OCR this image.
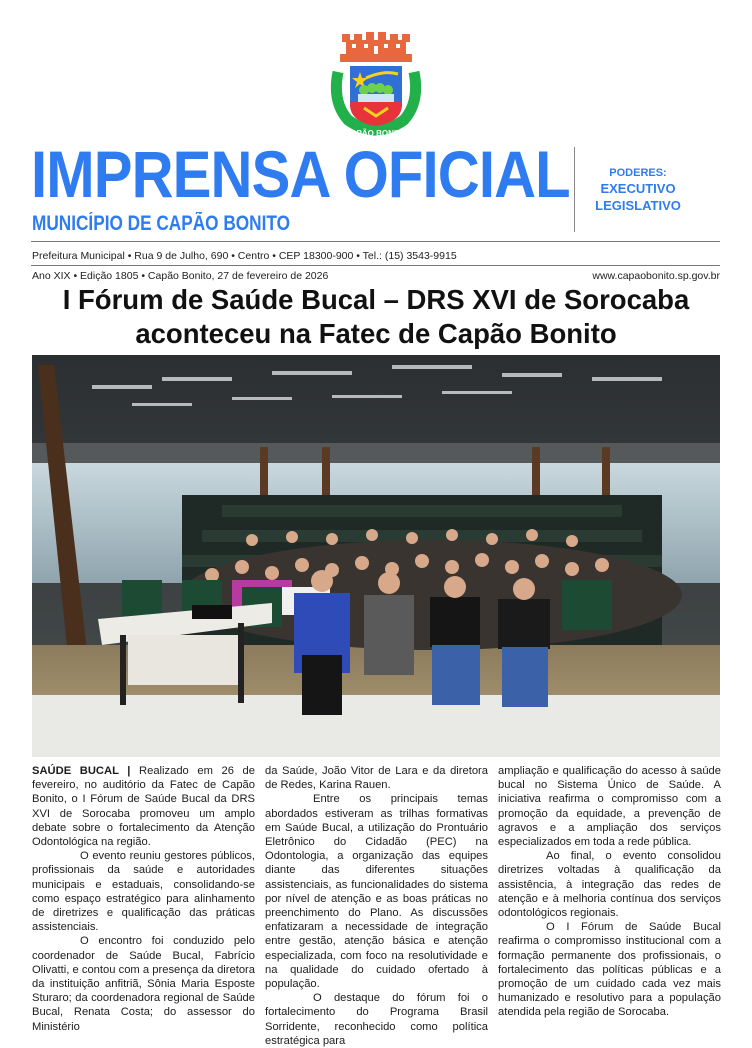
CAPÃO BONITO
IMPRENSA OFICIAL
MUNICÍPIO DE CAPÃO BONITO
PODERES:
EXECUTIVO
LEGISLATIVO
Prefeitura Municipal • Rua 9 de Julho, 690 • Centro • CEP 18300-900 • Tel.: (15) 3543-9915
Ano XIX • Edição 1805 • Capão Bonito, 27 de fevereiro de 2026	www.capaobonito.sp.gov.br
I Fórum de Saúde Bucal – DRS XVI de Sorocaba
aconteceu na Fatec de Capão Bonito

SAÚDE BUCAL | Realizado em 26 de fevereiro, no auditório da Fatec de Capão Bonito, o I Fórum de Saúde Bucal da DRS XVI de Sorocaba promoveu um amplo debate sobre o fortalecimento da Atenção Odontológica na região.

O evento reuniu gestores públicos, profissionais da saúde e autoridades municipais e estaduais, consolidando-se como espaço estratégico para alinhamento de diretrizes e qualificação das práticas assistenciais.

O encontro foi conduzido pelo coordenador de Saúde Bucal, Fabrício Olivatti, e contou com a presença da diretora da instituição anfitriã, Sônia Maria Esposte Sturaro; da coordenadora regional de Saúde Bucal, Renata Costa; do assessor do Ministério

da Saúde, João Vitor de Lara e da diretora de Redes, Karina Rauen.

Entre os principais temas abordados estiveram as trilhas formativas em Saúde Bucal, a utilização do Prontuário Eletrônico do Cidadão (PEC) na Odontologia, a organização das equipes diante das diferentes situações assistenciais, as funcionalidades do sistema por nível de atenção e as boas práticas no preenchimento do Plano. As discussões enfatizaram a necessidade de integração entre gestão, atenção básica e atenção especializada, com foco na resolutividade e na qualidade do cuidado ofertado à população.

O destaque do fórum foi o fortalecimento do Programa Brasil Sorridente, reconhecido como política estratégica para

ampliação e qualificação do acesso à saúde bucal no Sistema Único de Saúde. A iniciativa reafirma o compromisso com a promoção da equidade, a prevenção de agravos e a ampliação dos serviços especializados em toda a rede pública.

Ao final, o evento consolidou diretrizes voltadas à qualificação da assistência, à integração das redes de atenção e à melhoria contínua dos serviços odontológicos regionais.

O I Fórum de Saúde Bucal reafirma o compromisso institucional com a formação permanente dos profissionais, o fortalecimento das políticas públicas e a promoção de um cuidado cada vez mais humanizado e resolutivo para a população atendida pela região de Sorocaba.
